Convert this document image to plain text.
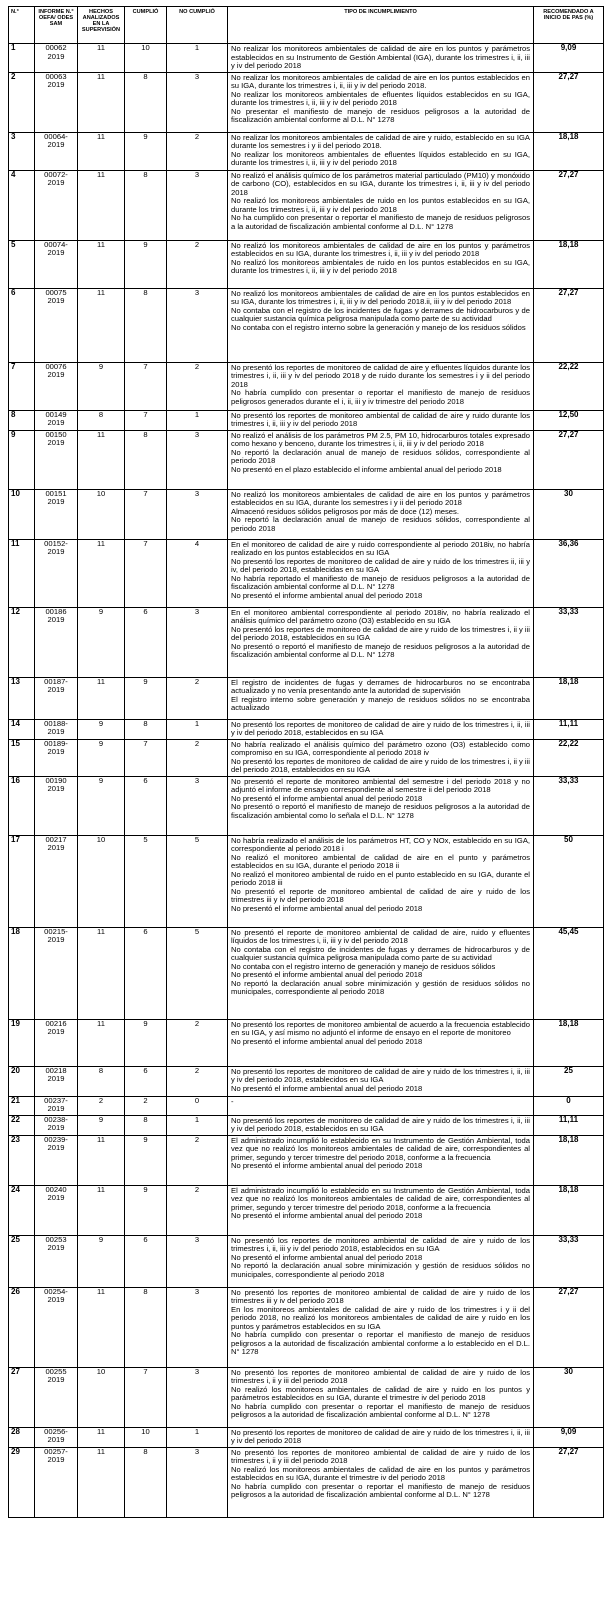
N.°	INFORME N.° OEFA/ ODES SAM	HECHOS ANALIZADOS EN LA SUPERVISIÓN	CUMPLIÓ	NO CUMPLIÓ	TIPO DE INCUMPLIMIENTO	RECOMENDADO A INICIO DE PAS (%)
1	00062 2019	11	10	1	No realizar los monitoreos ambientales de calidad de aire en los puntos y parámetros establecidos en su Instrumento de Gestión Ambiental (IGA), durante los trimestres i, ii, iii y iv del periodo 2018	9,09
2	00063 2019	11	8	3	No realizar los monitoreos ambientales de calidad de aire en los puntos establecidos en su IGA, durante los trimestres i, ii, iii y iv del periodo 2018.
No realizar los monitoreos ambientales de efluentes líquidos establecidos en su IGA, durante los trimestres i, ii, iii y iv del periodo 2018
No presentar el manifiesto de manejo de residuos peligrosos a la autoridad de fiscalización ambiental conforme al D.L. N° 1278	27,27
3	00064-2019	11	9	2	No realizar los monitoreos ambientales de calidad de aire y ruido, establecido en su IGA durante los semestres i y ii del periodo 2018.
No realizar los monitoreos ambientales de efluentes líquidos establecido en su IGA, durante los trimestres i, ii, iii y iv del periodo 2018	18,18
4	00072-2019	11	8	3	No realizó el análisis químico de los parámetros material particulado (PM10) y monóxido de carbono (CO), establecidos en su IGA, durante los trimestres i, ii, iii y iv del periodo 2018
No realizó los monitoreos ambientales de ruido en los puntos establecidos en su IGA, durante los trimestres i, ii, iii y iv del periodo 2018
No ha cumplido con presentar o reportar el manifiesto de manejo de residuos peligrosos a la autoridad de fiscalización ambiental conforme al D.L. N° 1278	27,27
5	00074-2019	11	9	2	No realizó los monitoreos ambientales de calidad de aire en los puntos y parámetros establecidos en su IGA, durante los trimestres i, ii, iii y iv del periodo 2018
No realizó los monitoreos ambientales de ruido en los puntos establecidos en su IGA, durante los trimestres i, ii, iii y iv del periodo 2018	18,18
6	00075 2019	11	8	3	No realizó los monitoreos ambientales de calidad de aire en los puntos establecidos en su IGA, durante los trimestres i, ii, iii y iv del periodo 2018.ii, iii y iv del periodo 2018
No contaba con el registro de los incidentes de fugas y derrames de hidrocarburos y de cualquier sustancia química peligrosa manipulada como parte de su actividad
No contaba con el registro interno sobre la generación y manejo de los residuos sólidos	27,27
7	00076 2019	9	7	2	No presentó los reportes de monitoreo de calidad de aire y efluentes líquidos durante los trimestres i, ii, iii y iv del periodo 2018 y de ruido durante los semestres i y ii del periodo 2018
No habría cumplido con presentar o reportar el manifiesto de manejo de residuos peligrosos generados durante el i, ii, iii y iv trimestre del periodo 2018	22,22
8	00149 2019	8	7	1	No presentó los reportes de monitoreo ambiental de calidad de aire y ruido durante los trimestres i, ii, iii y iv del periodo 2018	12,50
9	00150 2019	11	8	3	No realizó el análisis de los parámetros PM 2.5, PM 10, hidrocarburos totales expresado como hexano y benceno, durante los trimestres i, ii, iii y iv del periodo 2018
No reportó la declaración anual de manejo de residuos sólidos, correspondiente al periodo 2018
No presentó en el plazo establecido el informe ambiental anual del periodo 2018	27,27
10	00151 2019	10	7	3	No realizó los monitoreos ambientales de calidad de aire en los puntos y parámetros establecidos en su IGA, durante los semestres i y ii del periodo 2018
Almacenó residuos sólidos peligrosos por más de doce (12) meses.
No reportó la declaración anual de manejo de residuos sólidos, correspondiente al periodo 2018	30
11	00152-2019	11	7	4	En el monitoreo de calidad de aire y ruido correspondiente al periodo 2018iv, no habría realizado en los puntos establecidos en su IGA
No presentó los reportes de monitoreo de calidad de aire y ruido de los trimestres ii, iii y iv, del periodo 2018, establecidas en su IGA
No habría reportado el manifiesto de manejo de residuos peligrosos a la autoridad de fiscalización ambiental conforme al D.L. N° 1278
No presentó el informe ambiental anual del periodo 2018	36,36
12	00186 2019	9	6	3	En el monitoreo ambiental correspondiente al periodo 2018iv, no habría realizado el análisis químico del parámetro ozono (O3) establecido en su IGA
No presentó los reportes de monitoreo de calidad de aire y ruido de los trimestres i, ii y iii del periodo 2018, establecidos en su IGA
No presentó o reportó el manifiesto de manejo de residuos peligrosos a la autoridad de fiscalización ambiental conforme al D.L. N° 1278	33,33
13	00187-2019	11	9	2	El registro de incidentes de fugas y derrames de hidrocarburos no se encontraba actualizado y no venía presentando ante la autoridad de supervisión
El registro interno sobre generación y manejo de residuos sólidos no se encontraba actualizado	18,18
14	00188-2019	9	8	1	No presentó los reportes de monitoreo de calidad de aire y ruido de los trimestres i, ii, iii y iv del periodo 2018, establecidos en su IGA	11,11
15	00189-2019	9	7	2	No habría realizado el análisis químico del parámetro ozono (O3) establecido como compromiso en su IGA, correspondiente al periodo 2018 iv
No presentó los reportes de monitoreo de calidad de aire y ruido de los trimestres i, ii y iii del periodo 2018, establecidos en su IGA	22,22
16	00190 2019	9	6	3	No presentó el reporte de monitoreo ambiental del semestre i del periodo 2018 y no adjuntó el informe de ensayo correspondiente al semestre ii del periodo 2018
No presentó el informe ambiental anual del periodo 2018
No presentó o reportó el manifiesto de manejo de residuos peligrosos a la autoridad de fiscalización ambiental como lo señala el D.L. N° 1278	33,33
17	00217 2019	10	5	5	No habría realizado el análisis de los parámetros HT, CO y NOx, establecido en su IGA, correspondiente al periodo 2018 i
No realizó el monitoreo ambiental de calidad de aire en el punto y parámetros establecidos en su IGA, durante el periodo 2018 ii
No realizó el monitoreo ambiental de ruido en el punto establecido en su IGA, durante el periodo 2018 iii
No presentó el reporte de monitoreo ambiental de calidad de aire y ruido de los trimestres iii y iv del periodo 2018
No presentó el informe ambiental anual del periodo 2018	50
18	00215-2019	11	6	5	No presentó el reporte de monitoreo ambiental de calidad de aire, ruido y efluentes líquidos de los trimestres i, ii, iii y iv del periodo 2018
No contaba con el registro de incidentes de fugas y derrames de hidrocarburos y de cualquier sustancia química peligrosa manipulada como parte de su actividad
No contaba con el registro interno de generación y manejo de residuos sólidos
No presentó el informe ambiental anual del periodo 2018
No reportó la declaración anual sobre minimización y gestión de residuos sólidos no municipales, correspondiente al periodo 2018	45,45
19	00216 2019	11	9	2	No presentó los reportes de monitoreo ambiental de acuerdo a la frecuencia establecido en su IGA, y así mismo no adjuntó el informe de ensayo en el reporte de monitoreo
No presentó el informe ambiental anual del periodo 2018	18,18
20	00218 2019	8	6	2	No presentó los reportes de monitoreo de calidad de aire y ruido de los trimestres i, ii, iii y iv del periodo 2018, establecidos en su IGA
No presentó el informe ambiental anual del periodo 2018	25
21	00237-2019	2	2	0	-	0
22	00238-2019	9	8	1	No presentó los reportes de monitoreo de calidad de aire y ruido de los trimestres i, ii, iii y iv del periodo 2018, establecidos en su IGA	11,11
23	00239-2019	11	9	2	El administrado incumplió lo establecido en su Instrumento de Gestión Ambiental, toda vez que no realizó los monitoreos ambientales de calidad de aire, correspondientes al primer, segundo y tercer trimestre del periodo 2018, conforme a la frecuencia
No presentó el informe ambiental anual del periodo 2018	18,18
24	00240 2019	11	9	2	El administrado incumplió lo establecido en su Instrumento de Gestión Ambiental, toda vez que no realizó los monitoreos ambientales de calidad de aire, correspondientes al primer, segundo y tercer trimestre del periodo 2018, conforme a la frecuencia
No presentó el informe ambiental anual del periodo 2018	18,18
25	00253 2019	9	6	3	No presentó los reportes de monitoreo ambiental de calidad de aire y ruido de los trimestres i, ii, iii y iv del periodo 2018, establecidos en su IGA
No presentó el informe ambiental anual del periodo 2018
No reportó la declaración anual sobre minimización y gestión de residuos sólidos no municipales, correspondiente al periodo 2018	33,33
26	00254-2019	11	8	3	No presentó los reportes de monitoreo ambiental de calidad de aire y ruido de los trimestres iii y iv del periodo 2018
En los monitoreos ambientales de calidad de aire y ruido de los trimestres i y ii del periodo 2018, no realizó los monitoreos ambientales de calidad de aire y ruido en los puntos y parámetros establecidos en su IGA
No habría cumplido con presentar o reportar el manifiesto de manejo de residuos peligrosos a la autoridad de fiscalización ambiental conforme a lo establecido en el D.L. N° 1278	27,27
27	00255 2019	10	7	3	No presentó los reportes de monitoreo ambiental de calidad de aire y ruido de los trimestres i, ii y iii del periodo 2018
No realizó los monitoreos ambientales de calidad de aire y ruido en los puntos y parámetros establecidos en su IGA, durante el trimestre iv del periodo 2018
No habría cumplido con presentar o reportar el manifiesto de manejo de residuos peligrosos a la autoridad de fiscalización ambiental conforme al D.L. N° 1278	30
28	00256-2019	11	10	1	No presentó los reportes de monitoreo de calidad de aire y ruido de los trimestres i, ii, iii y iv del periodo 2018	9,09
29	00257-2019	11	8	3	No presentó los reportes de monitoreo ambiental de calidad de aire y ruido de los trimestres i, ii y iii del periodo 2018
No realizó los monitoreos ambientales de calidad de aire en los puntos y parámetros establecidos en su IGA, durante el trimestre iv del periodo 2018
No habría cumplido con presentar o reportar el manifiesto de manejo de residuos peligrosos a la autoridad de fiscalización ambiental conforme al D.L. N° 1278	27,27
